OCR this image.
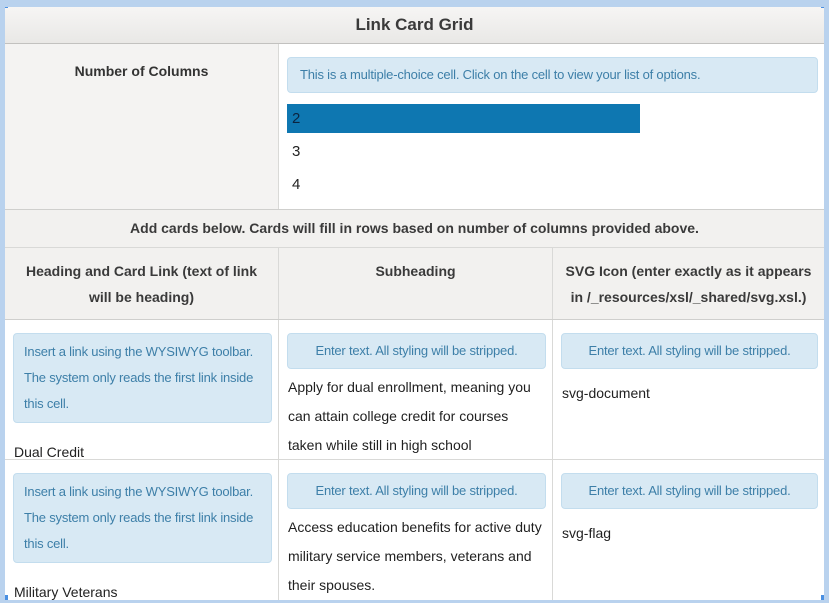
Link Card Grid
Number of Columns	This is a multiple-choice cell. Click on the cell to view your list of options.
2
3
4
Add cards below. Cards will fill in rows based on number of columns provided above.
Heading and Card Link (text of link will be heading)
Subheading	SVG Icon (enter exactly as it appears in /_resources/xsl/_shared/svg.xsl.)
Insert a link using the WYSIWYG toolbar. The system only reads the first link inside this cell.
Dual Credit
Enter text. All styling will be stripped.
Apply for dual enrollment, meaning you can attain college credit for courses taken while still in high school
Enter text. All styling will be stripped.
svg-document
Insert a link using the WYSIWYG toolbar. The system only reads the first link inside this cell.
Military Veterans
Enter text. All styling will be stripped.
Access education benefits for active duty military service members, veterans and their spouses.
Enter text. All styling will be stripped.
svg-flag
